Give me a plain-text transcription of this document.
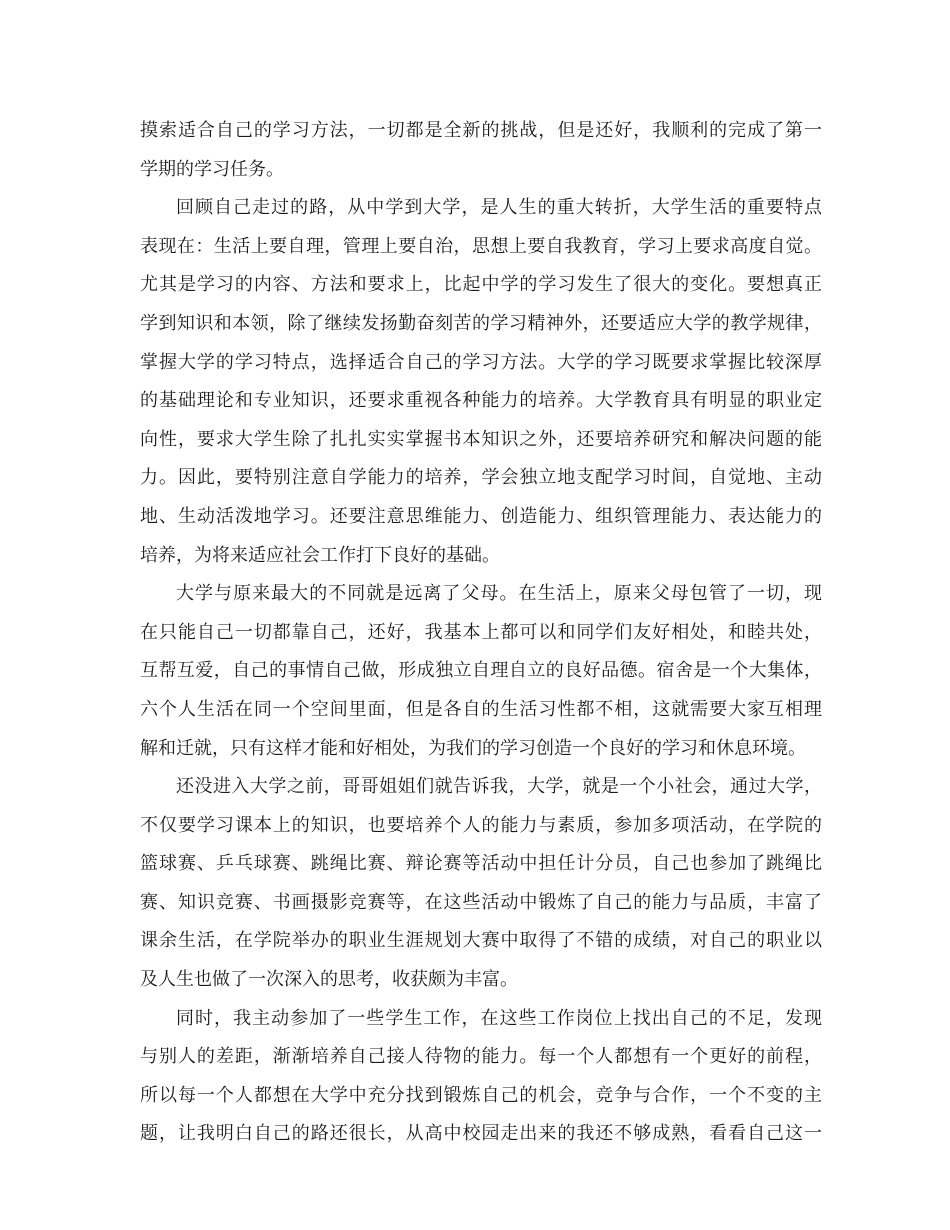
摸索适合自己的学习方法，一切都是全新的挑战，但是还好，我顺利的完成了第一
学期的学习任务。
回顾自己走过的路，从中学到大学，是人生的重大转折，大学生活的重要特点
表现在：生活上要自理，管理上要自治，思想上要自我教育，学习上要求高度自觉。
尤其是学习的内容、方法和要求上，比起中学的学习发生了很大的变化。要想真正
学到知识和本领，除了继续发扬勤奋刻苦的学习精神外，还要适应大学的教学规律，
掌握大学的学习特点，选择适合自己的学习方法。大学的学习既要求掌握比较深厚
的基础理论和专业知识，还要求重视各种能力的培养。大学教育具有明显的职业定
向性，要求大学生除了扎扎实实掌握书本知识之外，还要培养研究和解决问题的能
力。因此，要特别注意自学能力的培养，学会独立地支配学习时间，自觉地、主动
地、生动活泼地学习。还要注意思维能力、创造能力、组织管理能力、表达能力的
培养，为将来适应社会工作打下良好的基础。
大学与原来最大的不同就是远离了父母。在生活上，原来父母包管了一切，现
在只能自己一切都靠自己，还好，我基本上都可以和同学们友好相处，和睦共处，
互帮互爱，自己的事情自己做，形成独立自理自立的良好品德。宿舍是一个大集体，
六个人生活在同一个空间里面，但是各自的生活习性都不相，这就需要大家互相理
解和迁就，只有这样才能和好相处，为我们的学习创造一个良好的学习和休息环境。
还没进入大学之前，哥哥姐姐们就告诉我，大学，就是一个小社会，通过大学，
不仅要学习课本上的知识，也要培养个人的能力与素质，参加多项活动，在学院的
篮球赛、乒乓球赛、跳绳比赛、辩论赛等活动中担任计分员，自己也参加了跳绳比
赛、知识竞赛、书画摄影竞赛等，在这些活动中锻炼了自己的能力与品质，丰富了
课余生活，在学院举办的职业生涯规划大赛中取得了不错的成绩，对自己的职业以
及人生也做了一次深入的思考，收获颇为丰富。
同时，我主动参加了一些学生工作，在这些工作岗位上找出自己的不足，发现
与别人的差距，渐渐培养自己接人待物的能力。每一个人都想有一个更好的前程，
所以每一个人都想在大学中充分找到锻炼自己的机会，竞争与合作，一个不变的主
题，让我明白自己的路还很长，从高中校园走出来的我还不够成熟，看看自己这一
